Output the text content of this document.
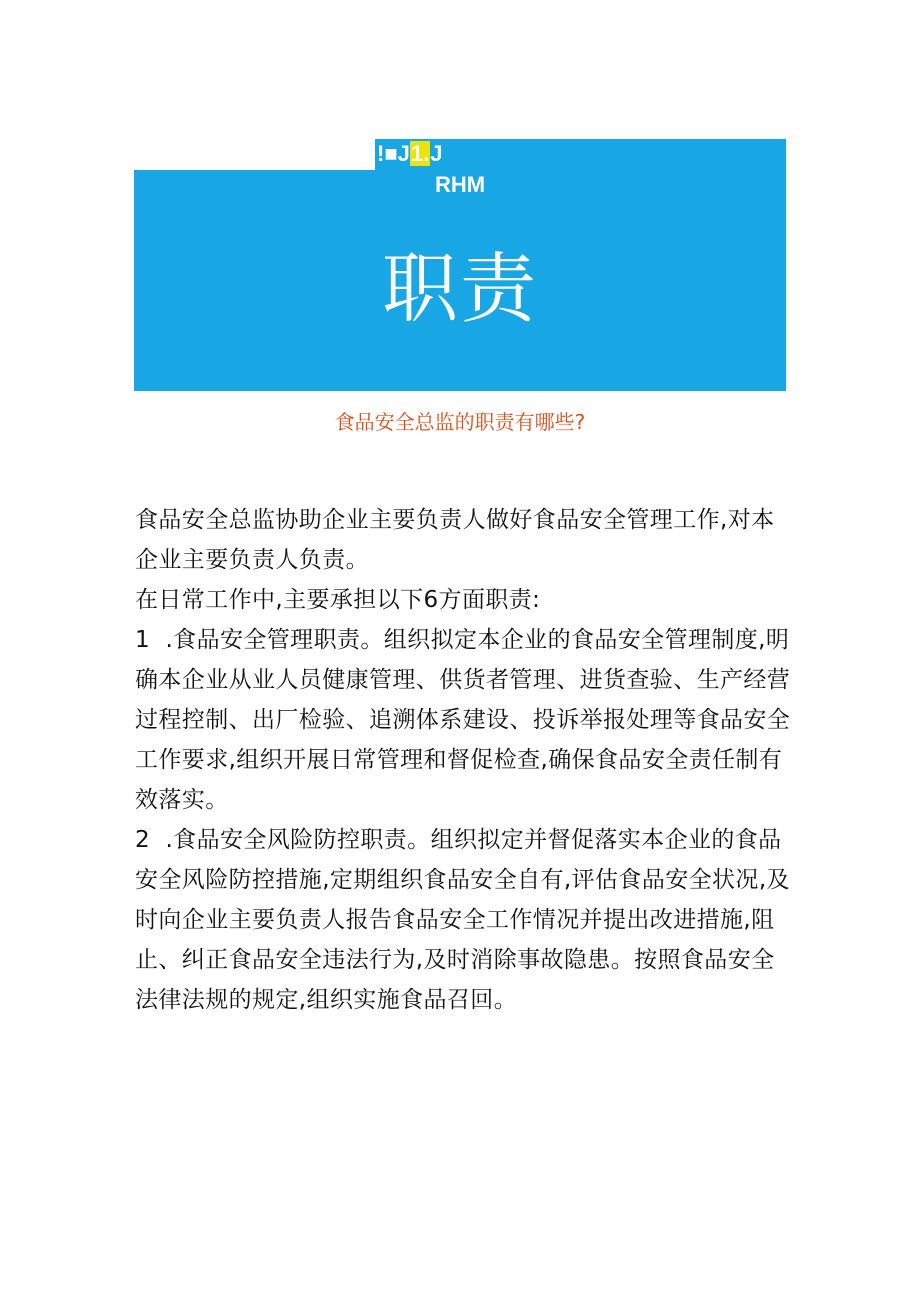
!■J1.J
RHM
职责
食品安全总监的职责有哪些?

食品安全总监协助企业主要负责人做好食品安全管理工作,对本企业主要负责人负责。

在日常工作中,主要承担以下6方面职责:

1  .食品安全管理职责。组织拟定本企业的食品安全管理制度,明确本企业从业人员健康管理、供货者管理、进货查验、生产经营过程控制、出厂检验、追溯体系建设、投诉举报处理等食品安全工作要求,组织开展日常管理和督促检查,确保食品安全责任制有效落实。

2  .食品安全风险防控职责。组织拟定并督促落实本企业的食品安全风险防控措施,定期组织食品安全自有,评估食品安全状况,及时向企业主要负责人报告食品安全工作情况并提出改进措施,阻止、纠正食品安全违法行为,及时消除事故隐患。按照食品安全法律法规的规定,组织实施食品召回。
